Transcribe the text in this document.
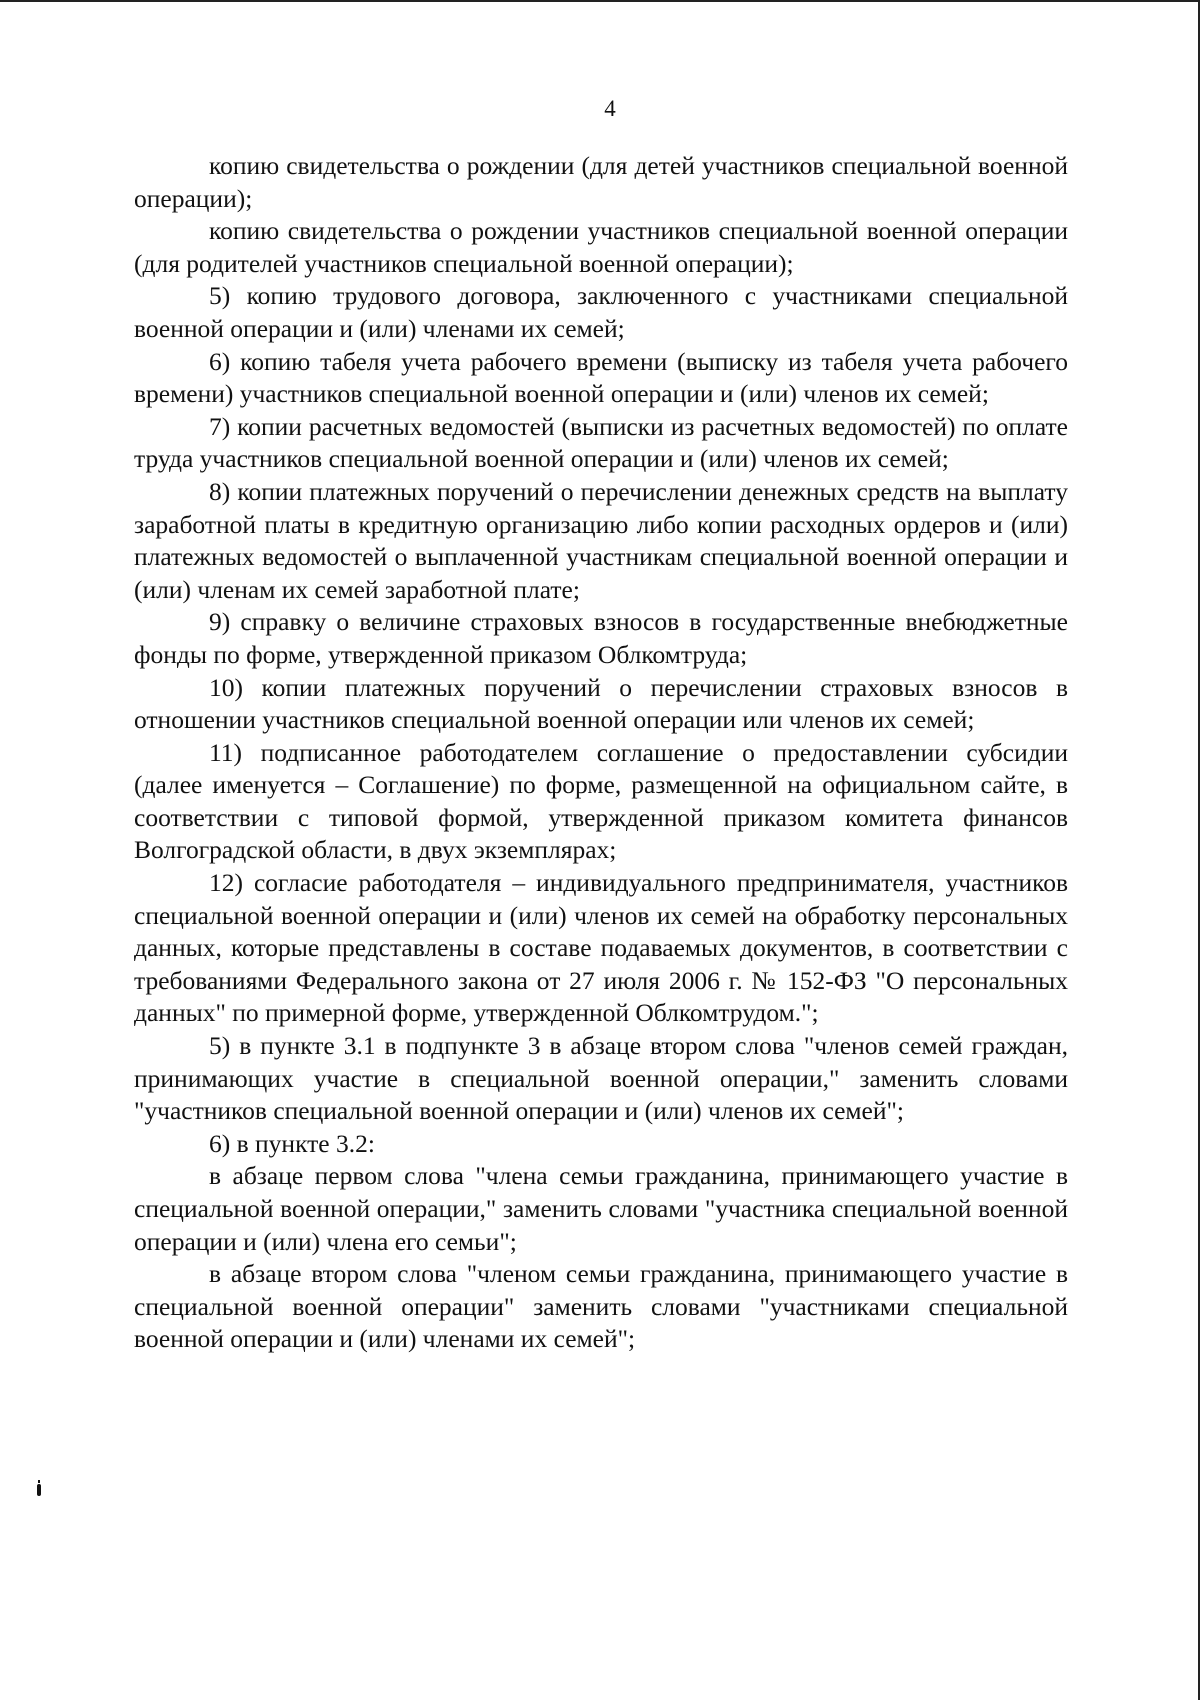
4

копию свидетельства о рождении (для детей участников специальной военной операции);

копию свидетельства о рождении участников специальной военной операции (для родителей участников специальной военной операции);

5) копию трудового договора, заключенного с участниками специальной военной операции и (или) членами их семей;

6) копию табеля учета рабочего времени (выписку из табеля учета рабочего времени) участников специальной военной операции и (или) членов их семей;

7) копии расчетных ведомостей (выписки из расчетных ведомостей) по оплате труда участников специальной военной операции и (или) членов их семей;

8) копии платежных поручений о перечислении денежных средств на выплату заработной платы в кредитную организацию либо копии расходных ордеров и (или) платежных ведомостей о выплаченной участникам специальной военной операции и (или) членам их семей заработной плате;

9) справку о величине страховых взносов в государственные внебюджетные фонды по форме, утвержденной приказом Облкомтруда;

10) копии платежных поручений о перечислении страховых взносов в отношении участников специальной военной операции или членов их семей;

11) подписанное работодателем соглашение о предоставлении субсидии (далее именуется – Соглашение) по форме, размещенной на официальном сайте, в соответствии с типовой формой, утвержденной приказом комитета финансов Волгоградской области, в двух экземплярах;

12) согласие работодателя – индивидуального предпринимателя, участников специальной военной операции и (или) членов их семей на обработку персональных данных, которые представлены в составе подаваемых документов, в соответствии с требованиями Федерального закона от 27 июля 2006 г. № 152-ФЗ "О персональных данных" по примерной форме, утвержденной Облкомтрудом.";

5) в пункте 3.1 в подпункте 3 в абзаце втором слова "членов семей граждан, принимающих участие в специальной военной операции," заменить словами "участников специальной военной операции и (или) членов их семей";

6) в пункте 3.2:

в абзаце первом слова "члена семьи гражданина, принимающего участие в специальной военной операции," заменить словами "участника специальной военной операции и (или) члена его семьи";

в абзаце втором слова "членом семьи гражданина, принимающего участие в специальной военной операции" заменить словами "участниками специальной военной операции и (или) членами их семей";
